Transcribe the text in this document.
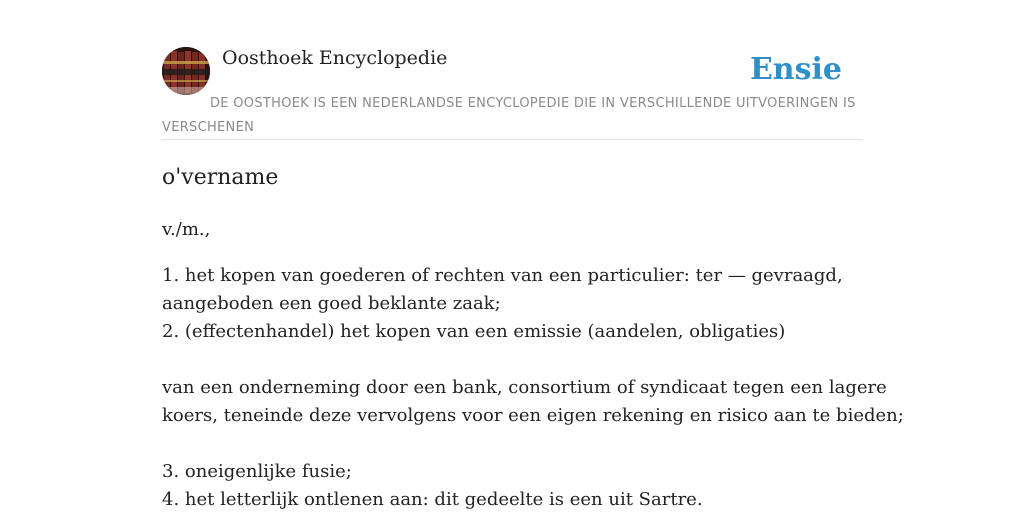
Oosthoek Encyclopedie	Ensie
DE OOSTHOEK IS EEN NEDERLANDSE ENCYCLOPEDIE DIE IN VERSCHILLENDE UITVOERINGEN IS VERSCHENEN
o'vername
v./m.,
1. het kopen van goederen of rechten van een particulier: ter — gevraagd,
aangeboden een goed beklante zaak;
2. (effectenhandel) het kopen van een emissie (aandelen, obligaties)
van een onderneming door een bank, consortium of syndicaat tegen een lagere
koers, teneinde deze vervolgens voor een eigen rekening en risico aan te bieden;
3. oneigenlijke fusie;
4. het letterlijk ontlenen aan: dit gedeelte is een uit Sartre.
